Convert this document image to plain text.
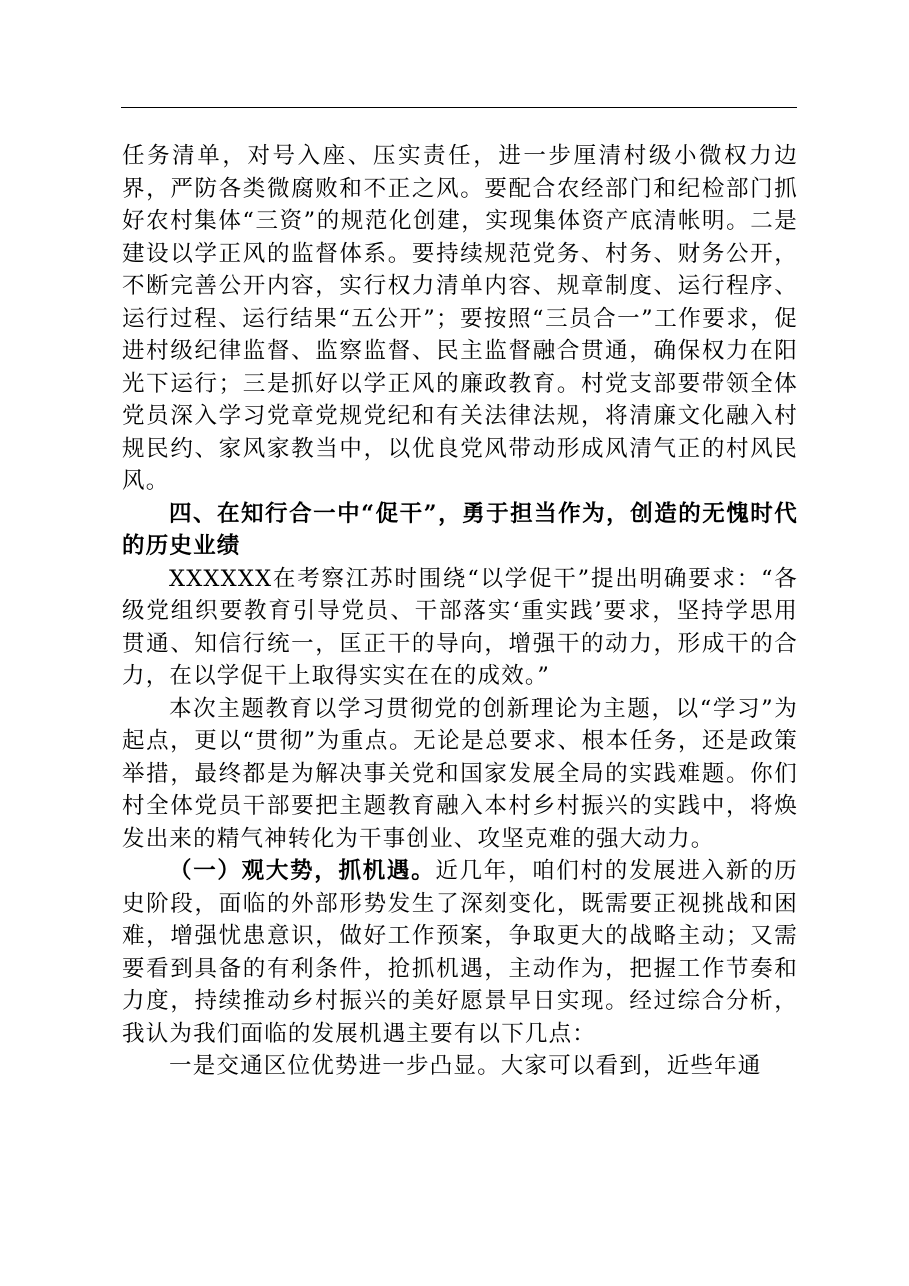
任务清单，对号入座、压实责任，进一步厘清村级小微权力边界，严防各类微腐败和不正之风。要配合农经部门和纪检部门抓好农村集体“三资”的规范化创建，实现集体资产底清帐明。二是建设以学正风的监督体系。要持续规范党务、村务、财务公开，不断完善公开内容，实行权力清单内容、规章制度、运行程序、运行过程、运行结果“五公开”；要按照“三员合一”工作要求，促进村级纪律监督、监察监督、民主监督融合贯通，确保权力在阳光下运行；三是抓好以学正风的廉政教育。村党支部要带领全体党员深入学习党章党规党纪和有关法律法规，将清廉文化融入村规民约、家风家教当中，以优良党风带动形成风清气正的村风民风。

四、在知行合一中“促干”，勇于担当作为，创造的无愧时代的历史业绩

XXXXXX在考察江苏时围绕“以学促干”提出明确要求：“各级党组织要教育引导党员、干部落实‘重实践’要求，坚持学思用贯通、知信行统一，匡正干的导向，增强干的动力，形成干的合力，在以学促干上取得实实在在的成效。”

本次主题教育以学习贯彻党的创新理论为主题，以“学习”为起点，更以“贯彻”为重点。无论是总要求、根本任务，还是政策举措，最终都是为解决事关党和国家发展全局的实践难题。你们村全体党员干部要把主题教育融入本村乡村振兴的实践中，将焕发出来的精气神转化为干事创业、攻坚克难的强大动力。

（一）观大势，抓机遇。近几年，咱们村的发展进入新的历史阶段，面临的外部形势发生了深刻变化，既需要正视挑战和困难，增强忧患意识，做好工作预案，争取更大的战略主动；又需要看到具备的有利条件，抢抓机遇，主动作为，把握工作节奏和力度，持续推动乡村振兴的美好愿景早日实现。经过综合分析，我认为我们面临的发展机遇主要有以下几点：

一是交通区位优势进一步凸显。大家可以看到，近些年通
